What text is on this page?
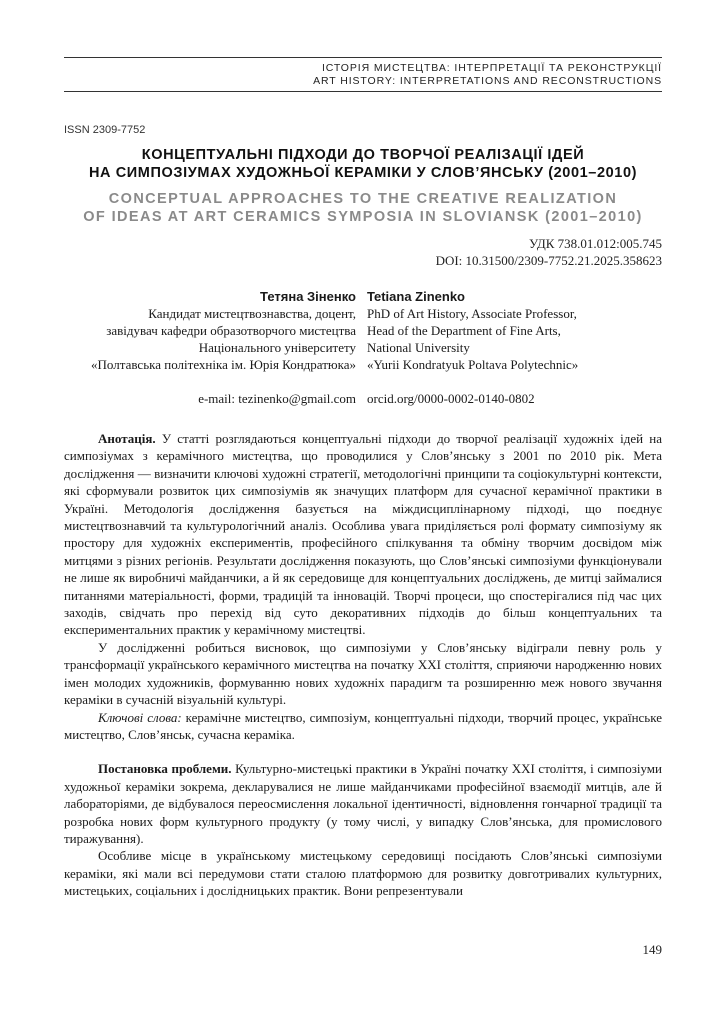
ІСТОРІЯ МИСТЕЦТВА: ІНТЕРПРЕТАЦІЇ ТА РЕКОНСТРУКЦІЇ
ART HISTORY: INTERPRETATIONS AND RECONSTRUCTIONS
ISSN 2309-7752
КОНЦЕПТУАЛЬНІ ПІДХОДИ ДО ТВОРЧОЇ РЕАЛІЗАЦІЇ ІДЕЙ
НА СИМПОЗІУМАХ ХУДОЖНЬОЇ КЕРАМІКИ У СЛОВ’ЯНСЬКУ (2001–2010)
CONCEPTUAL APPROACHES TO THE CREATIVE REALIZATION
OF IDEAS AT ART CERAMICS SYMPOSIA IN SLOVIANSK (2001–2010)
УДК 738.01.012:005.745
DOI: 10.31500/2309-7752.21.2025.358623
Тетяна Зіненко
Кандидат мистецтвознавства, доцент,
завідувач кафедри образотворчого мистецтва
Національного університету
«Полтавська політехніка ім. Юрія Кондратюка»
e-mail: tezinenko@gmail.com
Tetiana Zinenko
PhD of Art History, Associate Professor,
Head of the Department of Fine Arts,
National University
«Yurii Kondratyuk Poltava Polytechnic»
orcid.org/0000-0002-0140-0802

Анотація. У статті розглядаються концептуальні підходи до творчої реалізації художніх ідей на симпозіумах з керамічного мистецтва, що проводилися у Слов’янську з 2001 по 2010 рік. Мета дослідження — визначити ключові художні стратегії, методологічні принципи та соціокультурні контексти, які сформували розвиток цих симпозіумів як значущих платформ для сучасної керамічної практики в Україні. Методологія дослідження базується на міждисциплінарному підході, що поєднує мистецтвознавчий та культурологічний аналіз. Особлива увага приділяється ролі формату симпозіуму як простору для художніх експериментів, професійного спілкування та обміну творчим досвідом між митцями з різних регіонів. Результати дослідження показують, що Слов’янські симпозіуми функціонували не лише як виробничі майданчики, а й як середовище для концептуальних досліджень, де митці займалися питаннями матеріальності, форми, традицій та інновацій. Творчі процеси, що спостерігалися під час цих заходів, свідчать про перехід від суто декоративних підходів до більш концептуальних та експериментальних практик у керамічному мистецтві.

У дослідженні робиться висновок, що симпозіуми у Слов’янську відіграли певну роль у трансформації українського керамічного мистецтва на початку XXI століття, сприяючи народженню нових імен молодих художників, формуванню нових художніх парадигм та розширенню меж нового звучання кераміки в сучасній візуальній культурі.

Ключові слова: керамічне мистецтво, симпозіум, концептуальні підходи, творчий процес, українське мистецтво, Слов’янськ, сучасна кераміка.

Постановка проблеми. Культурно-мистецькі практики в Україні початку XXI століття, і симпозіуми художньої кераміки зокрема, декларувалися не лише майданчиками професійної взаємодії митців, але й лабораторіями, де відбувалося переосмислення локальної ідентичності, відновлення гончарної традиції та розробка нових форм культурного продукту (у тому числі, у випадку Слов’янська, для промислового тиражування).

Особливе місце в українському мистецькому середовищі посідають Слов’янські симпозіуми кераміки, які мали всі передумови стати сталою платформою для розвитку довготривалих культурних, мистецьких, соціальних і дослідницьких практик. Вони репрезентували

149
